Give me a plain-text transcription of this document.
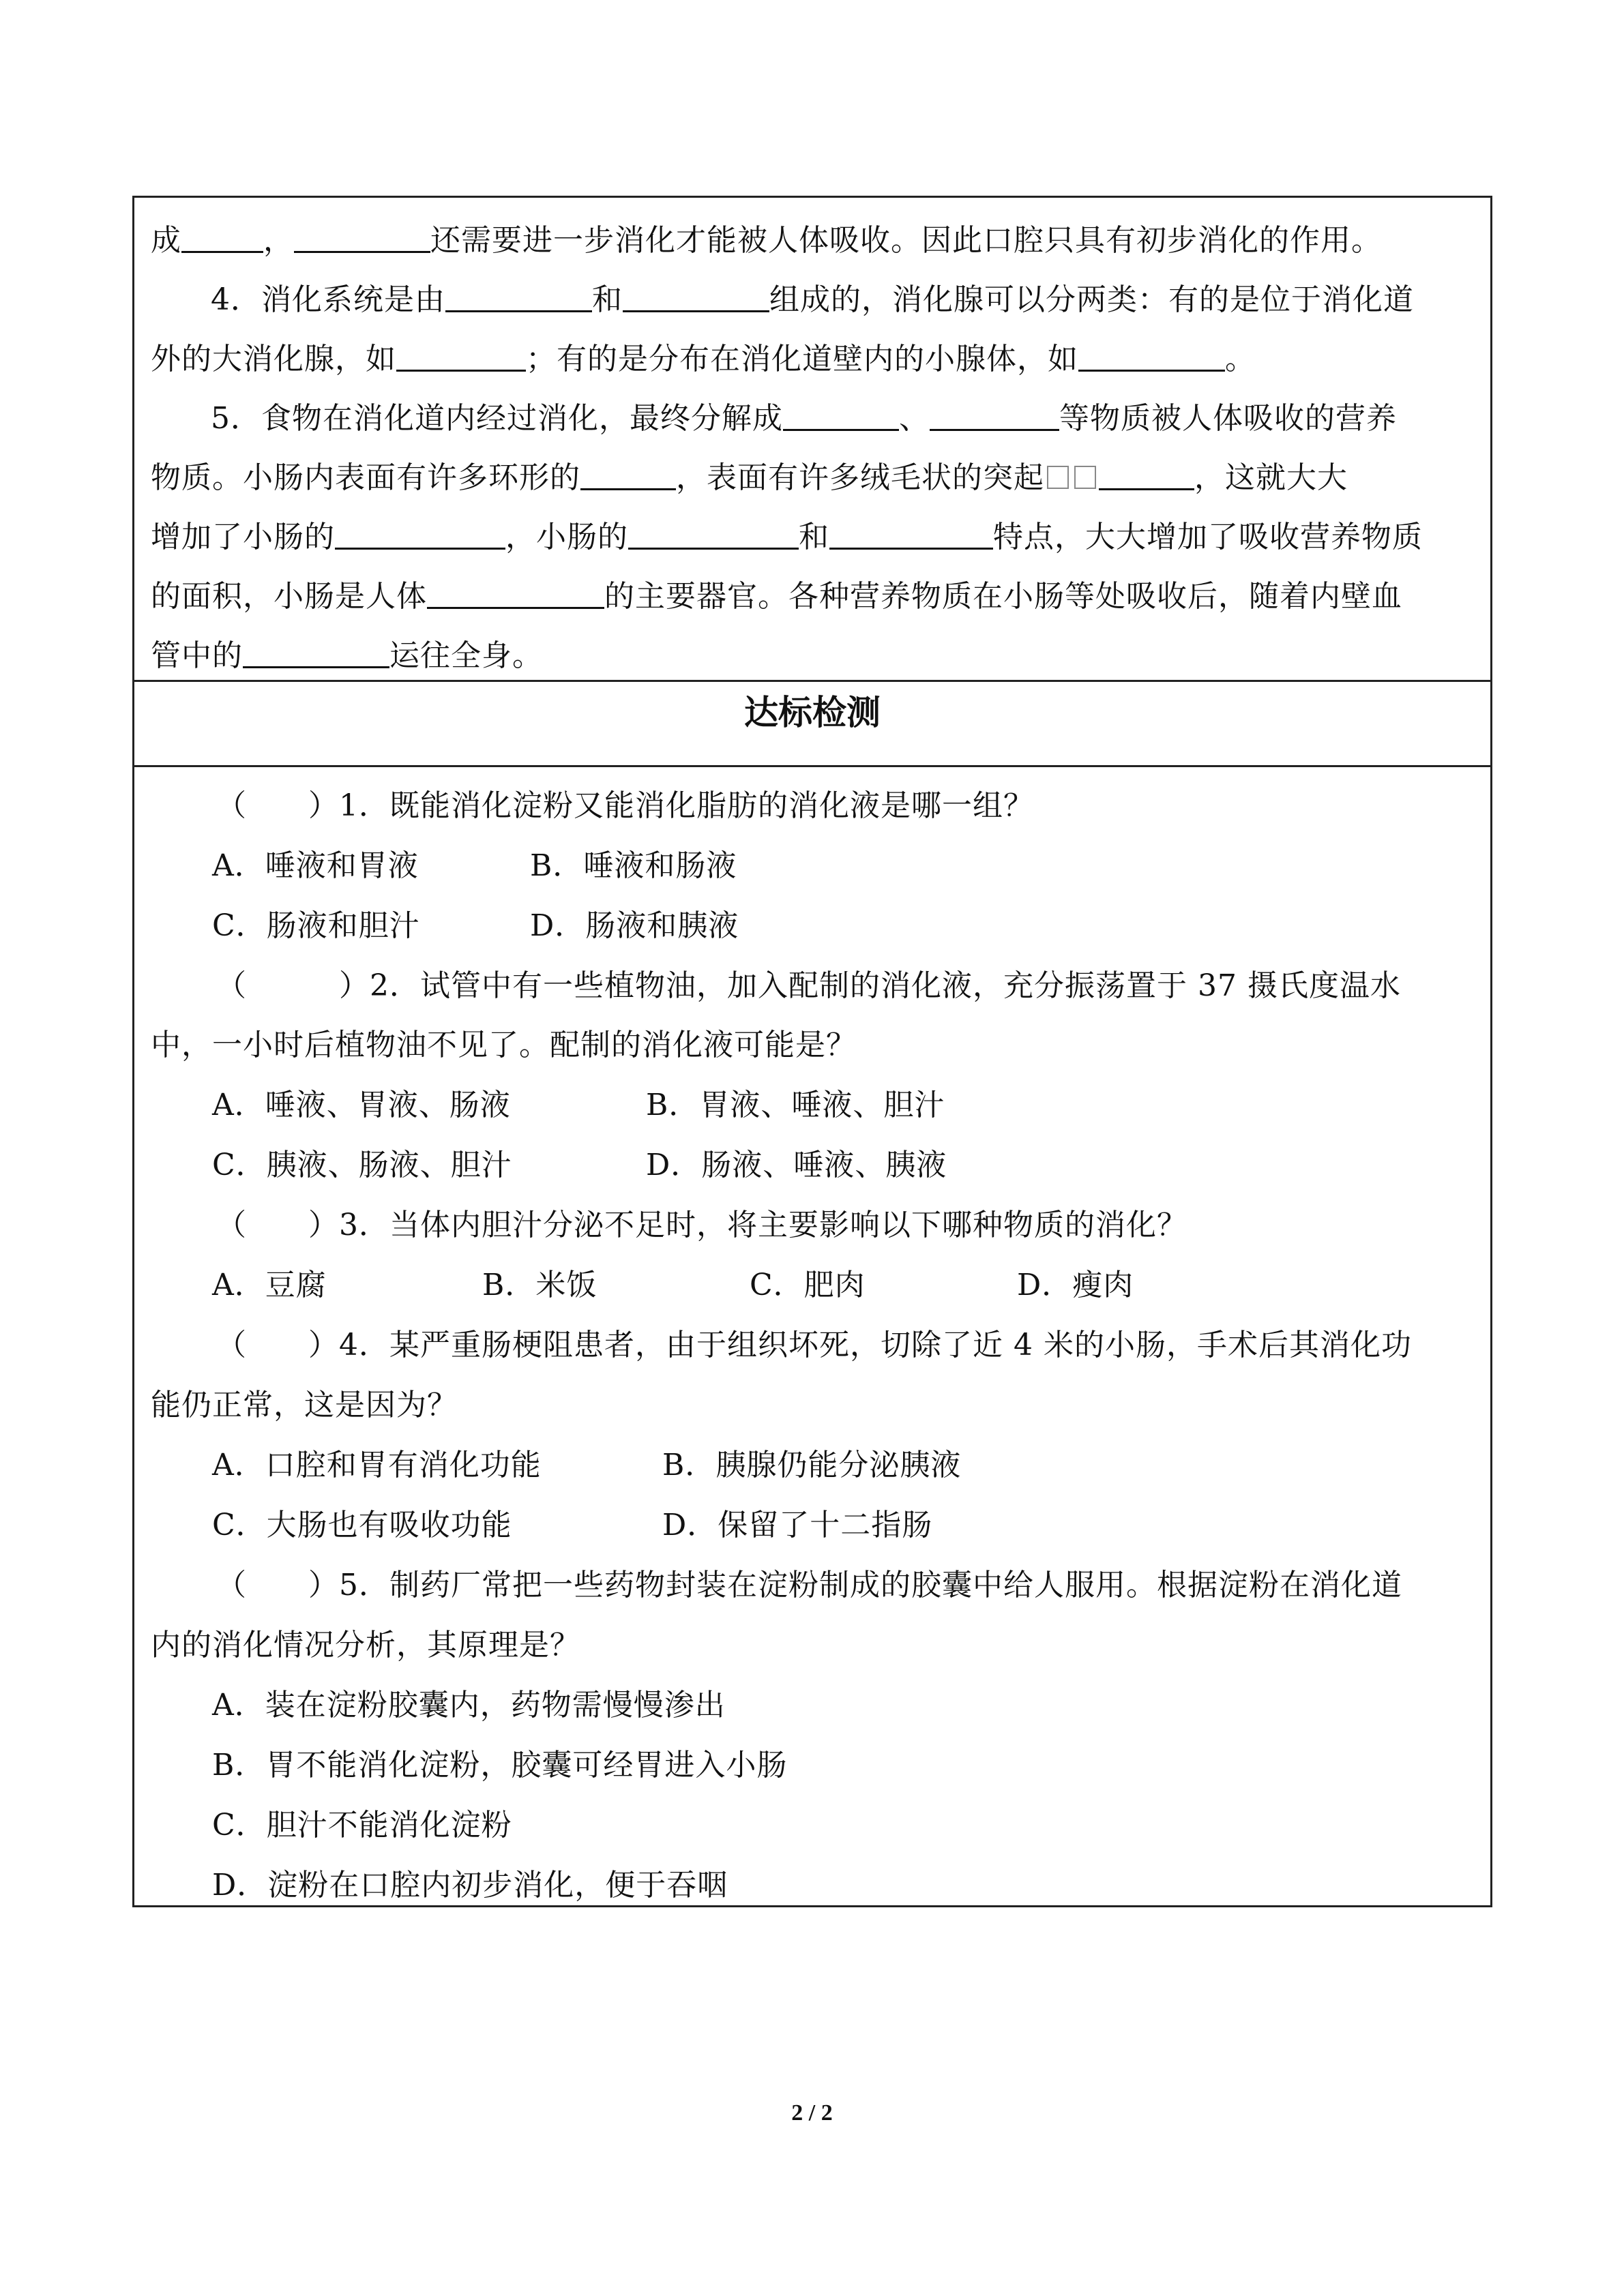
成	，	还需要进一步消化才能被人体吸收。因此口腔只具有初步消化的作用。
4．消化系统是由	和	组成的，消化腺可以分两类：有的是位于消化道
外的大消化腺，如	；有的是分布在消化道壁内的小腺体，如	。
5．食物在消化道内经过消化，最终分解成	、	等物质被人体吸收的营养
物质。小肠内表面有许多环形的	，表面有许多绒毛状的突起	，这就大大
增加了小肠的	，小肠的	和	特点，大大增加了吸收营养物质
的面积，小肠是人体	的主要器官。各种营养物质在小肠等处吸收后，随着内壁血
管中的	运往全身。
达标检测
（　　）1．既能消化淀粉又能消化脂肪的消化液是哪一组？
A．唾液和胃液	B．唾液和肠液
C．肠液和胆汁	D．肠液和胰液
（　　　）2．试管中有一些植物油，加入配制的消化液，充分振荡置于 37 摄氏度温水
中，一小时后植物油不见了。配制的消化液可能是？
A．唾液、胃液、肠液	B．胃液、唾液、胆汁
C．胰液、肠液、胆汁	D．肠液、唾液、胰液
（　　）3．当体内胆汁分泌不足时，将主要影响以下哪种物质的消化？
A．豆腐	B．米饭	C．肥肉	D．瘦肉
（　　）4．某严重肠梗阻患者，由于组织坏死，切除了近 4 米的小肠，手术后其消化功
能仍正常，这是因为？
A．口腔和胃有消化功能	B．胰腺仍能分泌胰液
C．大肠也有吸收功能	D．保留了十二指肠
（　　）5．制药厂常把一些药物封装在淀粉制成的胶囊中给人服用。根据淀粉在消化道
内的消化情况分析，其原理是？
A．装在淀粉胶囊内，药物需慢慢渗出
B．胃不能消化淀粉，胶囊可经胃进入小肠
C．胆汁不能消化淀粉
D．淀粉在口腔内初步消化，便于吞咽
2 / 2
